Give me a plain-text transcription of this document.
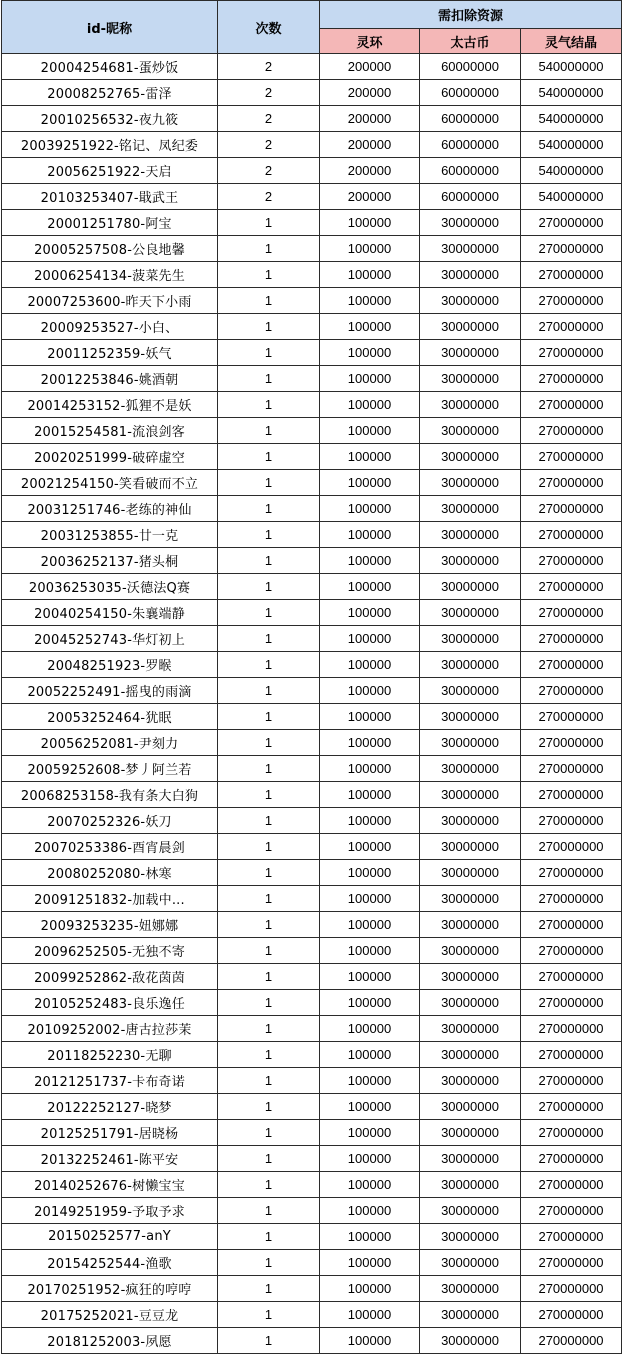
id-昵称	次数	需扣除资源		
		灵环	太古币	灵气结晶
20004254681-蛋炒饭	2	200000	60000000	540000000
20008252765-雷泽	2	200000	60000000	540000000
20010256532-夜九筱	2	200000	60000000	540000000
20039251922-铭记、凤纪委	2	200000	60000000	540000000
20056251922-天启	2	200000	60000000	540000000
20103253407-戢武王	2	200000	60000000	540000000
20001251780-阿宝	1	100000	30000000	270000000
20005257508-公良地馨	1	100000	30000000	270000000
20006254134-菠菜先生	1	100000	30000000	270000000
20007253600-昨天下小雨	1	100000	30000000	270000000
20009253527-小白、	1	100000	30000000	270000000
20011252359-妖气	1	100000	30000000	270000000
20012253846-姚酒朝	1	100000	30000000	270000000
20014253152-狐狸不是妖	1	100000	30000000	270000000
20015254581-流浪剑客	1	100000	30000000	270000000
20020251999-破碎虚空	1	100000	30000000	270000000
20021254150-笑看破而不立	1	100000	30000000	270000000
20031251746-老练的神仙	1	100000	30000000	270000000
20031253855-廿一克	1	100000	30000000	270000000
20036252137-猪头桐	1	100000	30000000	270000000
20036253035-沃德法Q赛	1	100000	30000000	270000000
20040254150-朱襄端静	1	100000	30000000	270000000
20045252743-华灯初上	1	100000	30000000	270000000
20048251923-罗睺	1	100000	30000000	270000000
20052252491-摇曳的雨滴	1	100000	30000000	270000000
20053252464-犹眠	1	100000	30000000	270000000
20056252081-尹刻力	1	100000	30000000	270000000
20059252608-梦丿阿兰若	1	100000	30000000	270000000
20068253158-我有条大白狗	1	100000	30000000	270000000
20070252326-妖刀	1	100000	30000000	270000000
20070253386-酉宵晨剑	1	100000	30000000	270000000
20080252080-林寒	1	100000	30000000	270000000
20091251832-加载中...	1	100000	30000000	270000000
20093253235-妞娜娜	1	100000	30000000	270000000
20096252505-无独不寄	1	100000	30000000	270000000
20099252862-敌花茵茵	1	100000	30000000	270000000
20105252483-良乐逸任	1	100000	30000000	270000000
20109252002-唐古拉莎茉	1	100000	30000000	270000000
20118252230-无聊	1	100000	30000000	270000000
20121251737-卡布奇诺	1	100000	30000000	270000000
20122252127-晓梦	1	100000	30000000	270000000
20125251791-居晓杨	1	100000	30000000	270000000
20132252461-陈平安	1	100000	30000000	270000000
20140252676-树懒宝宝	1	100000	30000000	270000000
20149251959-予取予求	1	100000	30000000	270000000
20150252577-anY	1	100000	30000000	270000000
20154252544-渔歌	1	100000	30000000	270000000
20170251952-疯狂的哼哼	1	100000	30000000	270000000
20175252021-豆豆龙	1	100000	30000000	270000000
20181252003-夙愿	1	100000	30000000	270000000
